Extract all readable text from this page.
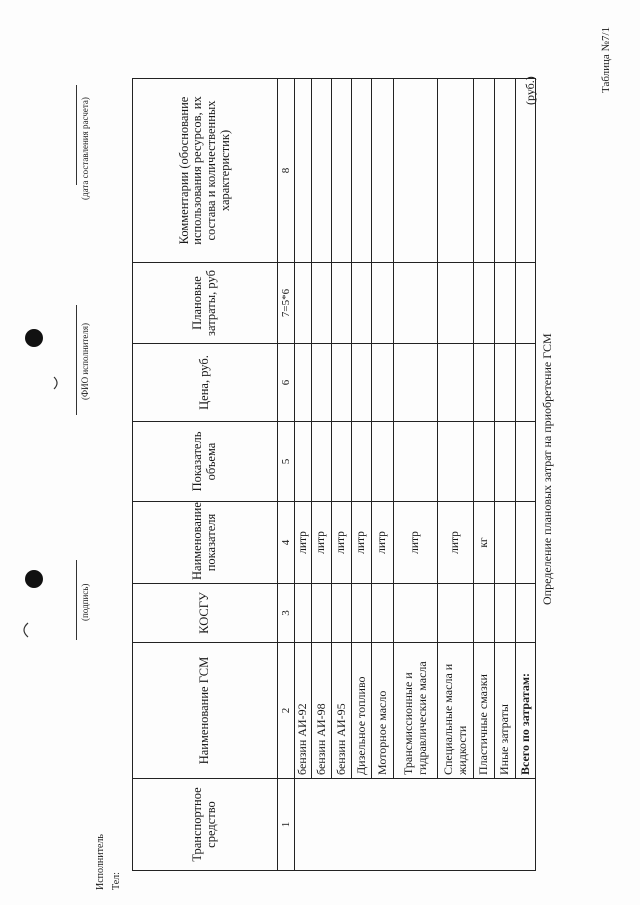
Таблица №7/1
(руб.)
Определение плановых затрат на приобретение ГСМ
Транспортное средство	Наименование ГСМ	КОСГУ	Наименование показателя	Показатель объема	Цена, руб.	Плановые затраты, руб	Комментарии (обоснование использования ресурсов, их состава и количественных характеристик)
1	2	3	4	5	6	7=5*6	8
	бензин АИ-92		литр				
	бензин АИ-98		литр				
	бензин АИ-95		литр				
	Дизельное топливо		литр				
	Моторное масло		литр				
	Трансмиссионные и гидравлические масла		литр				
	Специальные масла и жидкости		литр				
	Пластичные смазки		кг				
	Иные затраты						
	Всего по затратам:						
Исполнитель Тел:
(подпись)
(ФИО исполнителя)
(дата составления расчета)
